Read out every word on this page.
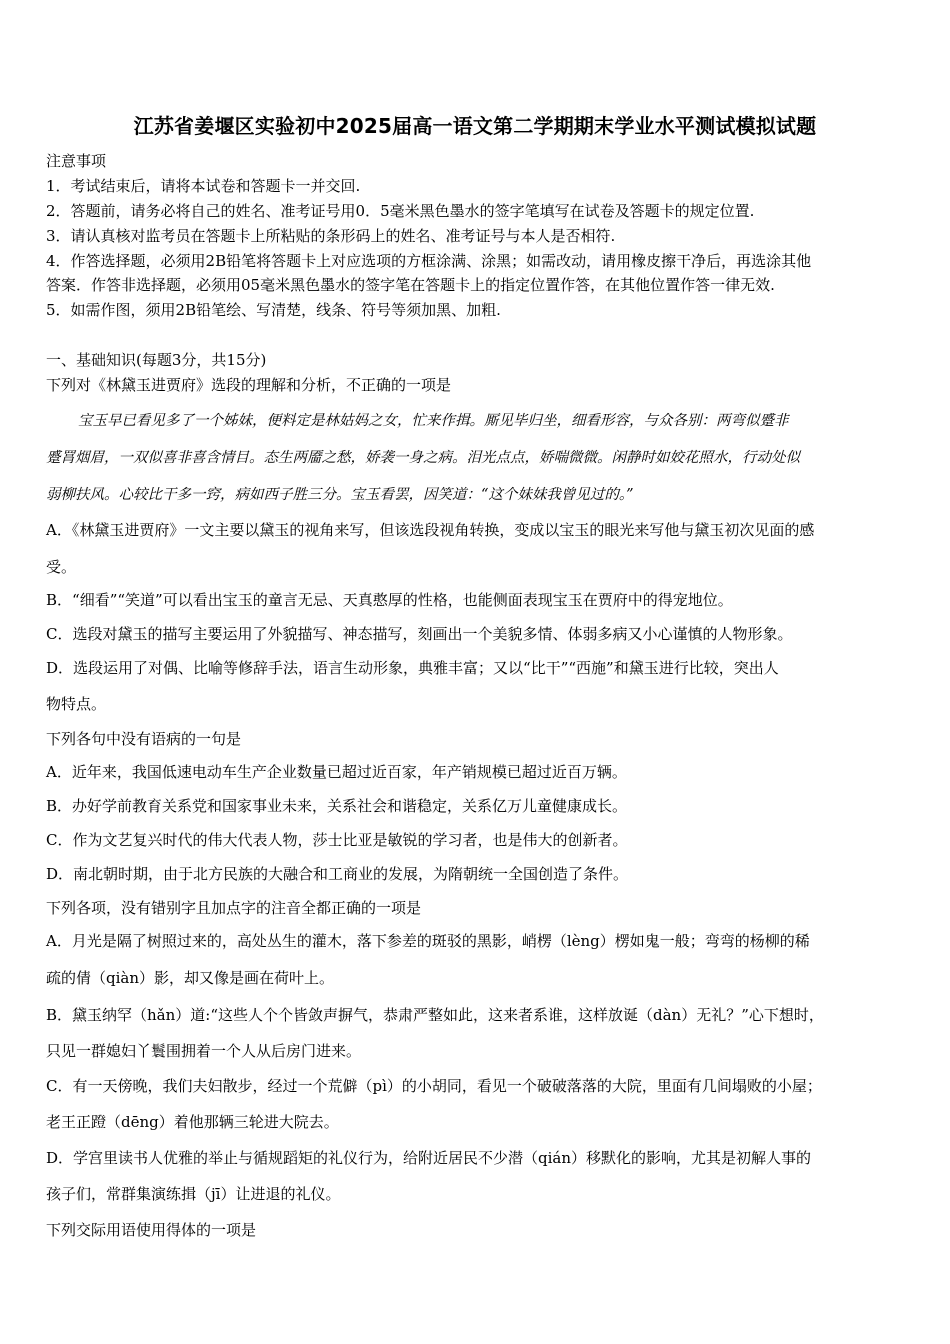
江苏省姜堰区实验初中2025届高一语文第二学期期末学业水平测试模拟试题
注意事项
1．考试结束后，请将本试卷和答题卡一并交回.
2．答题前，请务必将自己的姓名、准考证号用0．5毫米黑色墨水的签字笔填写在试卷及答题卡的规定位置.
3．请认真核对监考员在答题卡上所粘贴的条形码上的姓名、准考证号与本人是否相符.
4．作答选择题，必须用2B铅笔将答题卡上对应选项的方框涂满、涂黑；如需改动，请用橡皮擦干净后，再选涂其他
答案．作答非选择题，必须用05毫米黑色墨水的签字笔在答题卡上的指定位置作答，在其他位置作答一律无效.
5．如需作图，须用2B铅笔绘、写清楚，线条、符号等须加黑、加粗.
一、基础知识(每题3分，共15分)
下列对《林黛玉进贾府》选段的理解和分析，不正确的一项是
宝玉早已看见多了一个姊妹，便料定是林姑妈之女，忙来作揖。厮见毕归坐，细看形容，与众各别：两弯似蹙非
蹙罥烟眉，一双似喜非喜含情目。态生两靥之愁，娇袭一身之病。泪光点点，娇喘微微。闲静时如姣花照水，行动处似
弱柳扶风。心较比干多一窍，病如西子胜三分。宝玉看罢，因笑道：“这个妹妹我曾见过的。”
A．《林黛玉进贾府》一文主要以黛玉的视角来写，但该选段视角转换，变成以宝玉的眼光来写他与黛玉初次见面的感
受。
B．“细看”“笑道”可以看出宝玉的童言无忌、天真憨厚的性格，也能侧面表现宝玉在贾府中的得宠地位。
C．选段对黛玉的描写主要运用了外貌描写、神态描写，刻画出一个美貌多情、体弱多病又小心谨慎的人物形象。
D．选段运用了对偶、比喻等修辞手法，语言生动形象，典雅丰富；又以“比干”“西施”和黛玉进行比较，突出人
物特点。
下列各句中没有语病的一句是
A．近年来，我国低速电动车生产企业数量已超过近百家，年产销规模已超过近百万辆。
B．办好学前教育关系党和国家事业未来，关系社会和谐稳定，关系亿万儿童健康成长。
C．作为文艺复兴时代的伟大代表人物，莎士比亚是敏锐的学习者，也是伟大的创新者。
D．南北朝时期，由于北方民族的大融合和工商业的发展，为隋朝统一全国创造了条件。
下列各项，没有错别字且加点字的注音全都正确的一项是
A．月光是隔了树照过来的，高处丛生的灌木，落下参差的斑驳的黑影，峭楞（lèng）楞如鬼一般；弯弯的杨柳的稀
疏的倩（qiàn）影，却又像是画在荷叶上。
B．黛玉纳罕（hǎn）道:“这些人个个皆敛声摒气，恭肃严整如此，这来者系谁，这样放诞（dàn）无礼？”心下想时，
只见一群媳妇丫鬟围拥着一个人从后房门进来。
C．有一天傍晚，我们夫妇散步，经过一个荒僻（pì）的小胡同，看见一个破破落落的大院，里面有几间塌败的小屋；
老王正蹬（dēng）着他那辆三轮进大院去。
D．学宫里读书人优雅的举止与循规蹈矩的礼仪行为，给附近居民不少潜（qián）移默化的影响，尤其是初解人事的
孩子们，常群集演练揖（jī）让进退的礼仪。
下列交际用语使用得体的一项是
